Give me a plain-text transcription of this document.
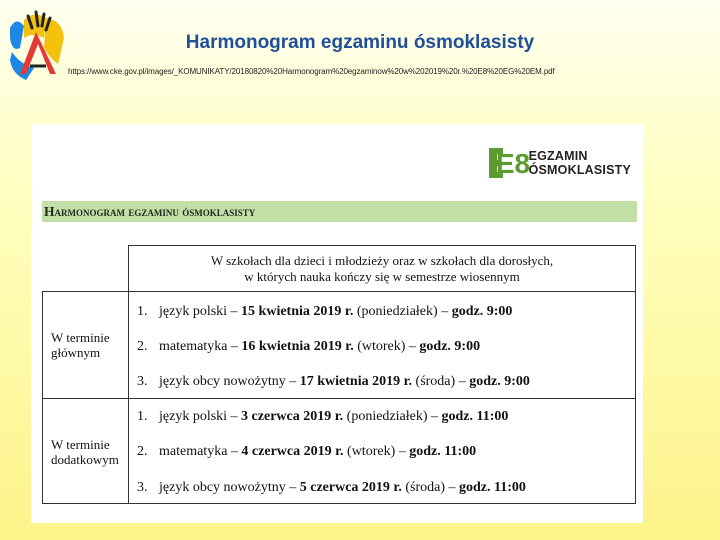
Harmonogram egzaminu ósmoklasisty
https://www.cke.gov.pl/images/_KOMUNIKATY/20180820%20Harmonogram%20egzaminow%20w%202019%20r.%20E8%20EG%20EM.pdf
E8
EGZAMIN
ÓSMOKLASISTY
Harmonogram egzaminu ósmoklasisty
W szkołach dla dzieci i młodzieży oraz w szkołach dla dorosłych,
w których nauka kończy się w semestrze wiosennym
W terminie
głównym
1. język polski – 15 kwietnia 2019 r. (poniedziałek) – godz. 9:00
2. matematyka – 16 kwietnia 2019 r. (wtorek) – godz. 9:00
3. język obcy nowożytny – 17 kwietnia 2019 r. (środa) – godz. 9:00
W terminie
dodatkowym
1. język polski – 3 czerwca 2019 r. (poniedziałek) – godz. 11:00
2. matematyka – 4 czerwca 2019 r. (wtorek) – godz. 11:00
3. język obcy nowożytny – 5 czerwca 2019 r. (środa) – godz. 11:00
